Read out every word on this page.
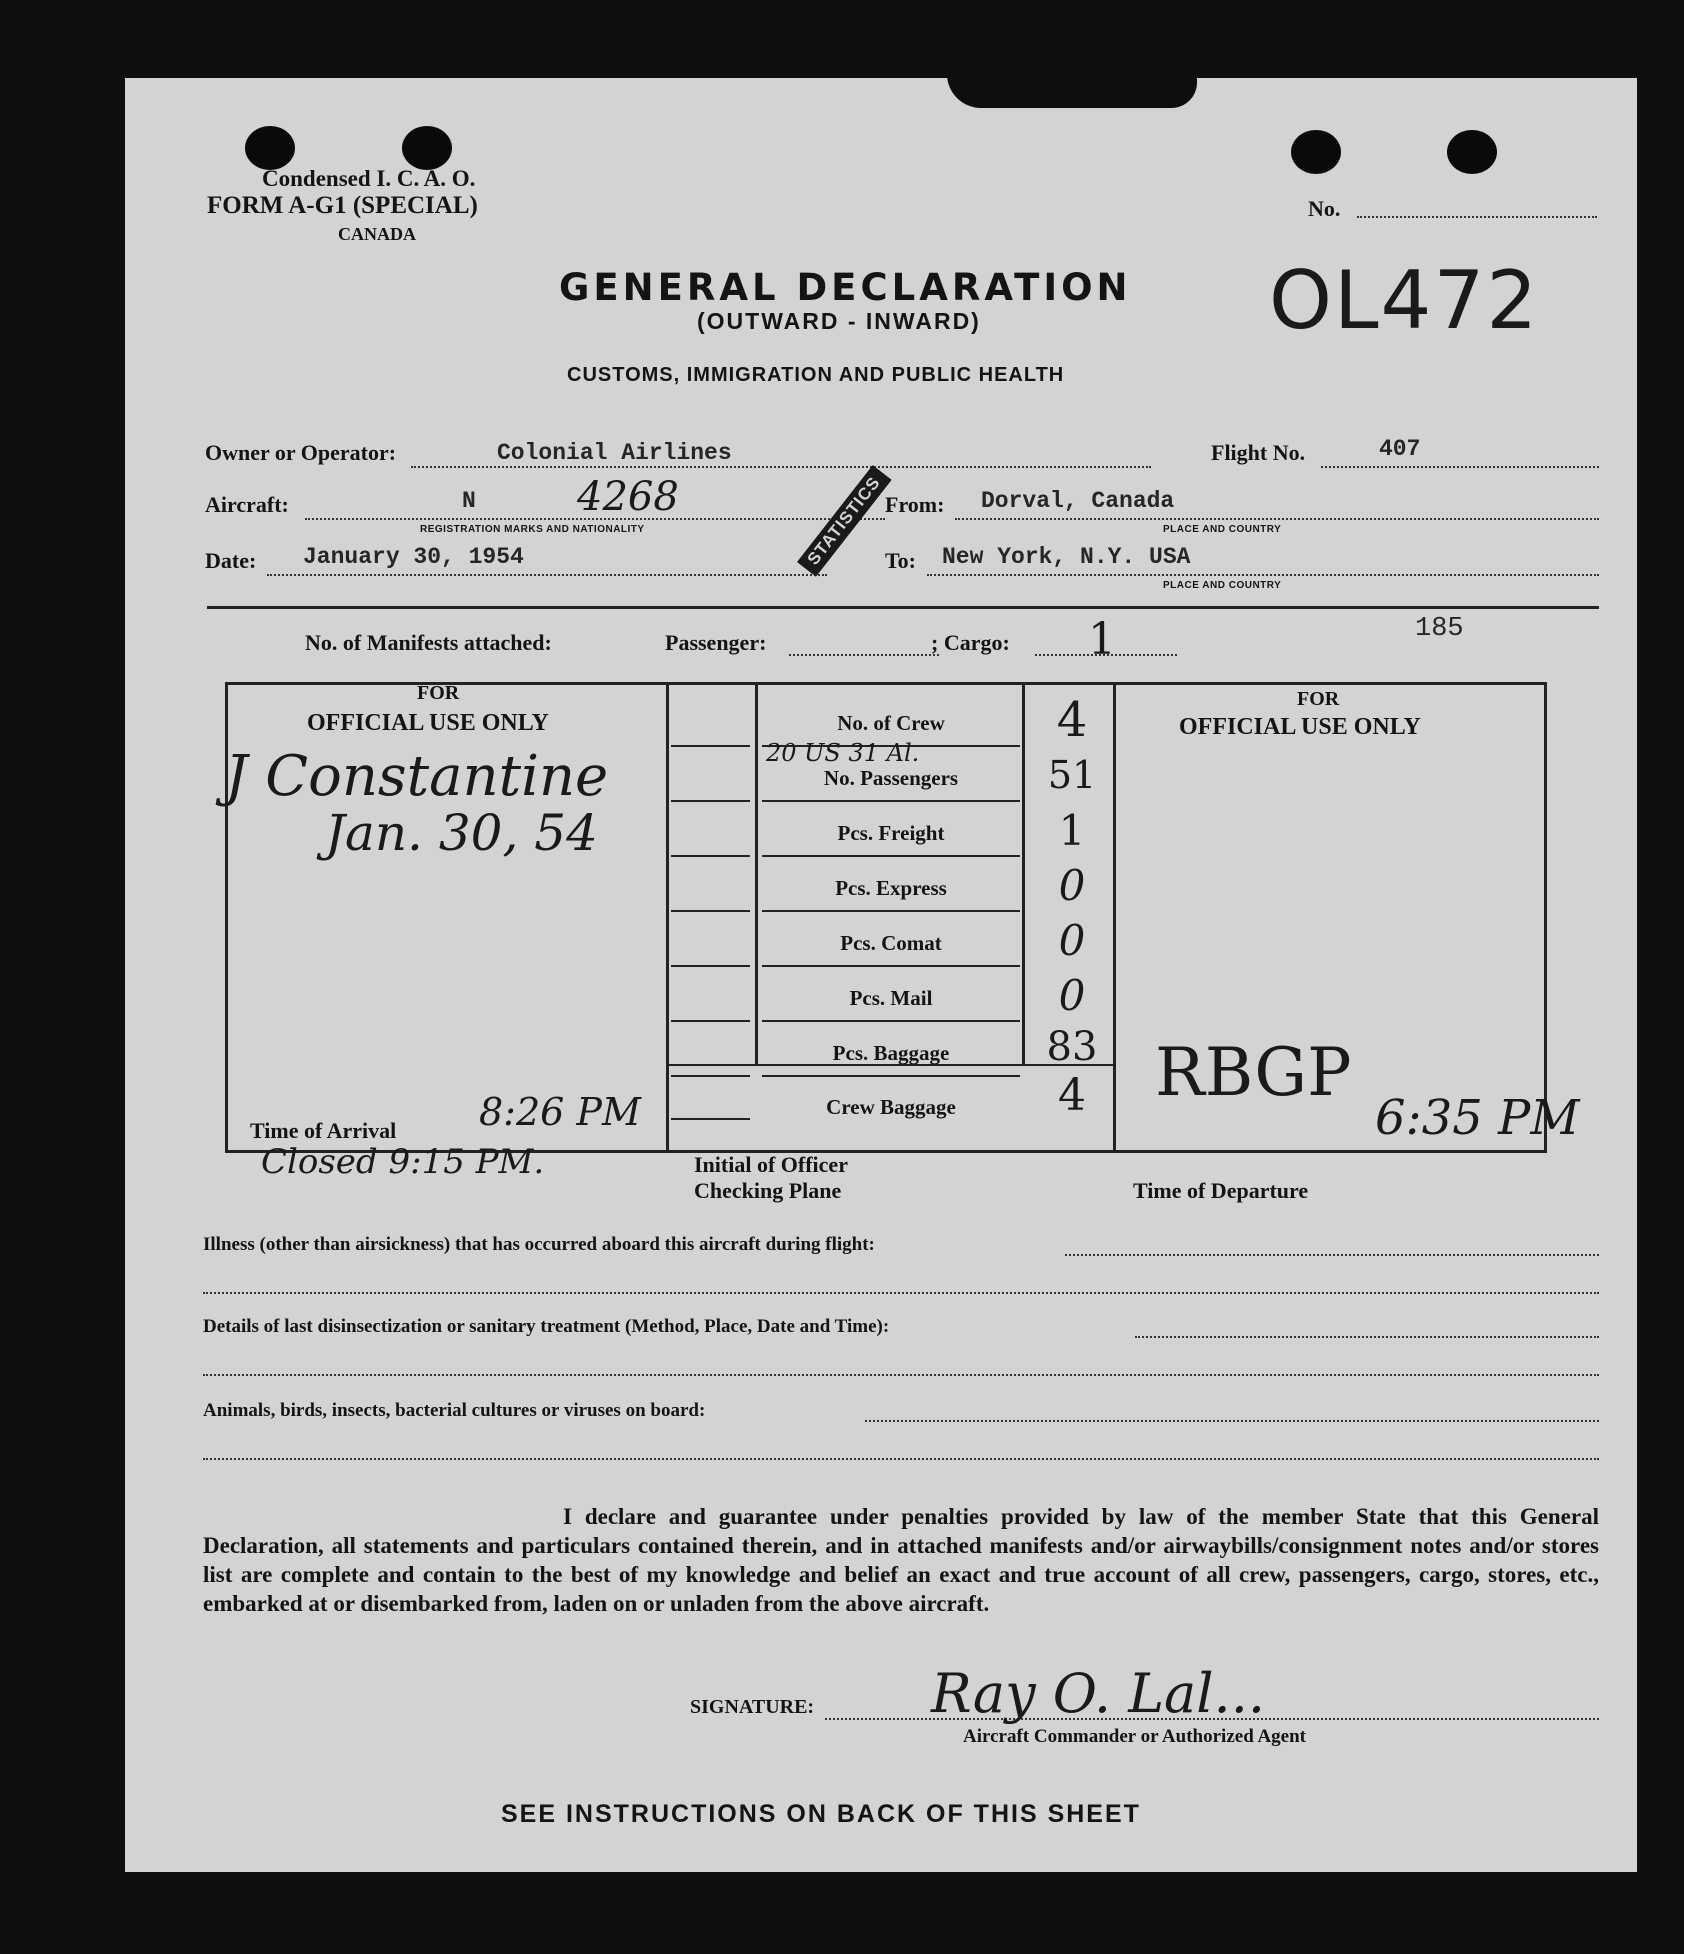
Condensed I. C. A. O.
FORM A-G1 (SPECIAL)
CANADA
No.
GENERAL DECLARATION
(OUTWARD - INWARD)
CUSTOMS, IMMIGRATION AND PUBLIC HEALTH
OL472
Owner or Operator:	Colonial Airlines	Flight No.	407
Aircraft:	N	4268
REGISTRATION MARKS AND NATIONALITY
From: Dorval, Canada
PLACE AND COUNTRY
Date: January 30, 1954	STATISTICS To: New York, N.Y. USA
PLACE AND COUNTRY
No. of Manifests attached:	Passenger:	; Cargo: 1	185
FOR
OFFICIAL USE ONLY
J Constantine
Jan. 30, 54
Time of Arrival 8:26 PM
Closed 9:15 PM.
No. of Crew	4
20 US 31 Al.
No. Passengers	51
Pcs. Freight	1
Pcs. Express	0
Pcs. Comat	0
Pcs. Mail	0
Pcs. Baggage	83
Crew Baggage	4
Initial of Officer
Checking Plane
FOR
OFFICIAL USE ONLY
RBGP
Time of Departure
6:35 PM
Illness (other than airsickness) that has occurred aboard this aircraft during flight:
Details of last disinsectization or sanitary treatment (Method, Place, Date and Time):
Animals, birds, insects, bacterial cultures or viruses on board:
I declare and guarantee under penalties provided by law of the member State that this General Declaration, all statements and particulars contained therein, and in attached manifests and/or airwaybills/consignment notes and/or stores list are complete and contain to the best of my knowledge and belief an exact and true account of all crew, passengers, cargo, stores, etc., embarked at or disembarked from, laden on or unladen from the above aircraft.
SIGNATURE: Ray O. Lal...
Aircraft Commander or Authorized Agent
SEE INSTRUCTIONS ON BACK OF THIS SHEET
